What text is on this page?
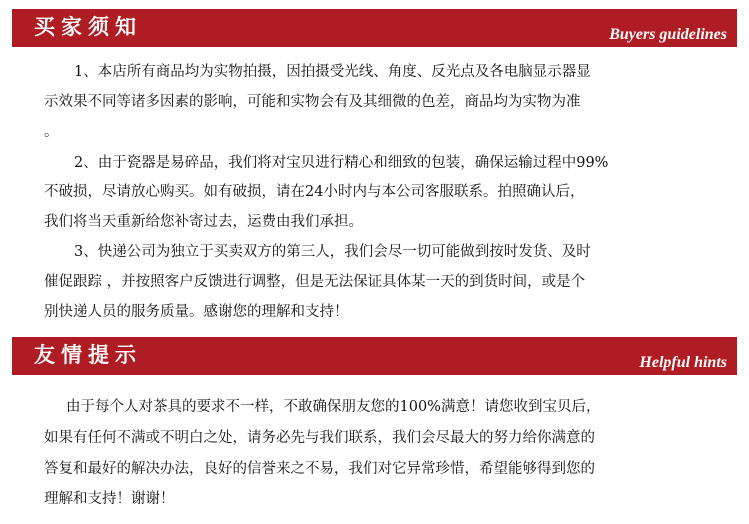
买家须知	Buyers guidelines
1、本店所有商品均为实物拍摄，因拍摄受光线、角度、反光点及各电脑显示器显
示效果不同等诸多因素的影响，可能和实物会有及其细微的色差，商品均为实物为准
。
2、由于瓷器是易碎品，我们将对宝贝进行精心和细致的包装，确保运输过程中99%
不破损，尽请放心购买。如有破损，请在24小时内与本公司客服联系。拍照确认后，
我们将当天重新给您补寄过去，运费由我们承担。
3、快递公司为独立于买卖双方的第三人，我们会尽一切可能做到按时发货、及时
催促跟踪 ，并按照客户反馈进行调整，但是无法保证具体某一天的到货时间，或是个
别快递人员的服务质量。感谢您的理解和支持！
友情提示	Helpful hints
由于每个人对茶具的要求不一样，不敢确保朋友您的100%满意！请您收到宝贝后，
如果有任何不满或不明白之处，请务必先与我们联系，我们会尽最大的努力给你满意的
答复和最好的解决办法，良好的信誉来之不易，我们对它异常珍惜，希望能够得到您的
理解和支持！谢谢！
